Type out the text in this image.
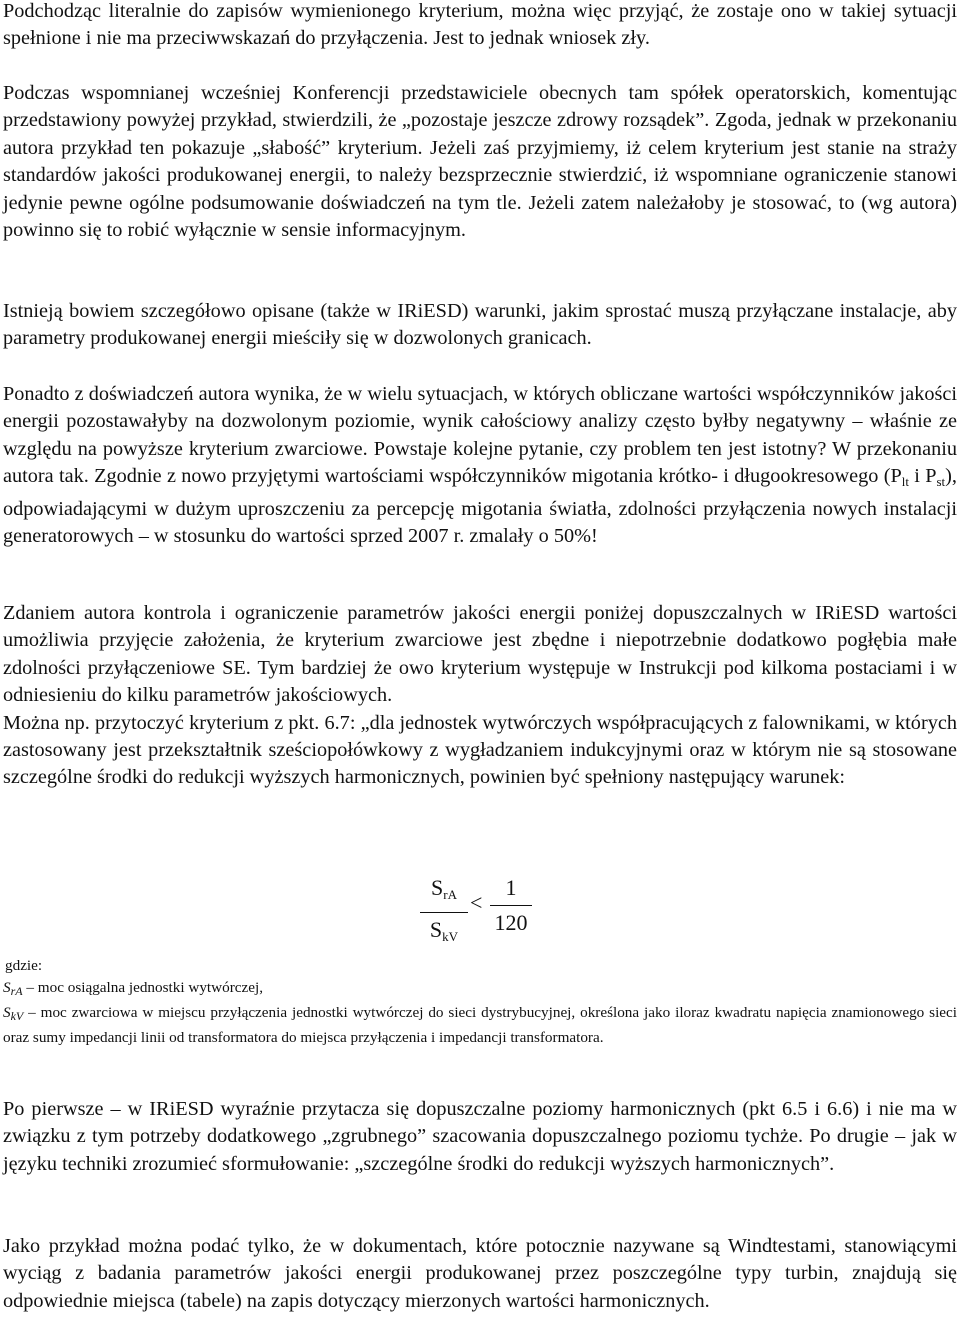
Podchodząc literalnie do zapisów wymienionego kryterium, można więc przyjąć, że zostaje ono w takiej sytuacji spełnione i nie ma przeciwwskazań do przyłączenia. Jest to jednak wniosek zły.

Podczas wspomnianej wcześniej Konferencji przedstawiciele obecnych tam spółek operatorskich, komentując przedstawiony powyżej przykład, stwierdzili, że „pozostaje jeszcze zdrowy rozsądek”. Zgoda, jednak w przekonaniu autora przykład ten pokazuje „słabość” kryterium. Jeżeli zaś przyjmiemy, iż celem kryterium jest stanie na straży standardów jakości produkowanej energii, to należy bezsprzecznie stwierdzić, iż wspomniane ograniczenie stanowi jedynie pewne ogólne podsumowanie doświadczeń na tym tle. Jeżeli zatem należałoby je stosować, to (wg autora) powinno się to robić wyłącznie w sensie informacyjnym.

Istnieją bowiem szczegółowo opisane (także w IRiESD) warunki, jakim sprostać muszą przyłączane instalacje, aby parametry produkowanej energii mieściły się w dozwolonych granicach.

Ponadto z doświadczeń autora wynika, że w wielu sytuacjach, w których obliczane wartości współczynników jakości energii pozostawałyby na dozwolonym poziomie, wynik całościowy analizy często byłby negatywny – właśnie ze względu na powyższe kryterium zwarciowe. Powstaje kolejne pytanie, czy problem ten jest istotny? W przekonaniu autora tak. Zgodnie z nowo przyjętymi wartościami współczynników migotania krótko- i długookresowego ($P_{lt}$ i $P_{st}$), odpowiadającymi w dużym uproszczeniu za percepcję migotania światła, zdolności przyłączenia nowych instalacji generatorowych – w stosunku do wartości sprzed 2007 r. zmalały o 50%!

Zdaniem autora kontrola i ograniczenie parametrów jakości energii poniżej dopuszczalnych w IRiESD wartości umożliwia przyjęcie założenia, że kryterium zwarciowe jest zbędne i niepotrzebnie dodatkowo pogłębia małe zdolności przyłączeniowe SE. Tym bardziej że owo kryterium występuje w Instrukcji pod kilkoma postaciami i w odniesieniu do kilku parametrów jakościowych.

Można np. przytoczyć kryterium z pkt. 6.7: „dla jednostek wytwórczych współpracujących z falownikami, w których zastosowany jest przekształtnik sześciopołówkowy z wygładzaniem indukcyjnymi oraz w którym nie są stosowane szczególne środki do redukcji wyższych harmonicznych, powinien być spełniony następujący warunek:

$S_{rA}$
$S_{kV}$
<
1
120

gdzie:

SrA – moc osiągalna jednostki wytwórczej,

SkV – moc zwarciowa w miejscu przyłączenia jednostki wytwórczej do sieci dystrybucyjnej, określona jako iloraz kwadratu napięcia znamionowego sieci oraz sumy impedancji linii od transformatora do miejsca przyłączenia i impedancji transformatora.

Po pierwsze – w IRiESD wyraźnie przytacza się dopuszczalne poziomy harmonicznych (pkt 6.5 i 6.6) i nie ma w związku z tym potrzeby dodatkowego „zgrubnego” szacowania dopuszczalnego poziomu tychże. Po drugie – jak w języku techniki zrozumieć sformułowanie: „szczególne środki do redukcji wyższych harmonicznych”.

Jako przykład można podać tylko, że w dokumentach, które potocznie nazywane są Windtestami, stanowiącymi wyciąg z badania parametrów jakości energii produkowanej przez poszczególne typy turbin, znajdują się odpowiednie miejsca (tabele) na zapis dotyczący mierzonych wartości harmonicznych.
